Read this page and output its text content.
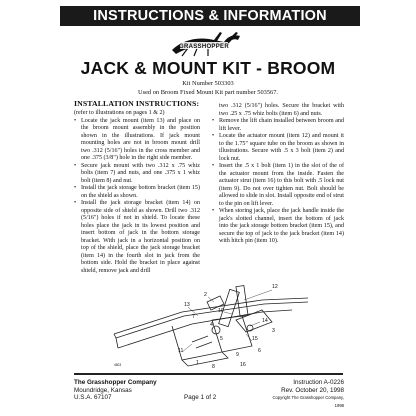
INSTRUCTIONS & INFORMATION
GRASSHOPPER
JACK & MOUNT KIT - BROOM
Kit Number 503303
Used on Broom Fixed Mount Kit part number 503567.
INSTALLATION INSTRUCTIONS:

(refer to illustrations on pages 1 & 2)

• Locate the jack mount (item 13) and place on the broom mount assembly in the position shown in the illustrations. If jack mount mounting holes are not in broom mount drill two .312 (5/16") holes in the cross member and one .375 (3/8") hole in the right side member.
• Secure jack mount with two .312 x .75 whiz bolts (item 7) and nuts, and one .375 x 1 whiz bolt (item 8) and nut.
• Install the jack storage bottom bracket (item 15) on the shield as shown.
• Install the jack storage bracket (item 14) on opposite side of shield as shown. Drill two .312 (5/16") holes if not in shield. To locate these holes place the jack in its lowest position and insert bottom of jack in the bottom storage bracket. With jack in a horizontal position on top of the shield, place the jack storage bracket (item 14) in the fourth slot in jack from the bottom side. Hold the bracket in place against shield, remove jack and drill
two .312 (5/16") holes. Secure the bracket with two .25 x .75 whiz bolts (item 6) and nuts.
• Remove the lift chain installed between broom and lift lever.
• Locate the actuator mount (item 12) and mount it to the 1.75" square tube on the broom as shown in illustrations. Secure with .5 x 3 bolt (item 2) and lock nut.
• Insert the .5 x 1 bolt (item 1) in the slot of the of the actuator mount from the inside. Fasten the actuator strut (item 16) to this bolt with .5 lock nut (item 9). Do not over tighten nut. Bolt should be allowed to slide in slot. Install opposite end of strut to the pin on lift lever.
• When storing jack, place the jack handle inside the jack's slotted channel, insert the bottom of jack into the jack storage bottom bracket (item 15), and secure the top of jack to the jack bracket (item 14) with hitch pin (item 10).
13
12
2
7
10
4
14
3
5	15
6
11
1
9
16
8
4503
The Grasshopper Company
Moundridge, Kansas
U.S.A. 67107	Page 1 of 2
Instruction A-0226
Rev. October 20, 1998
Copyright The Grasshopper Company, 1998
